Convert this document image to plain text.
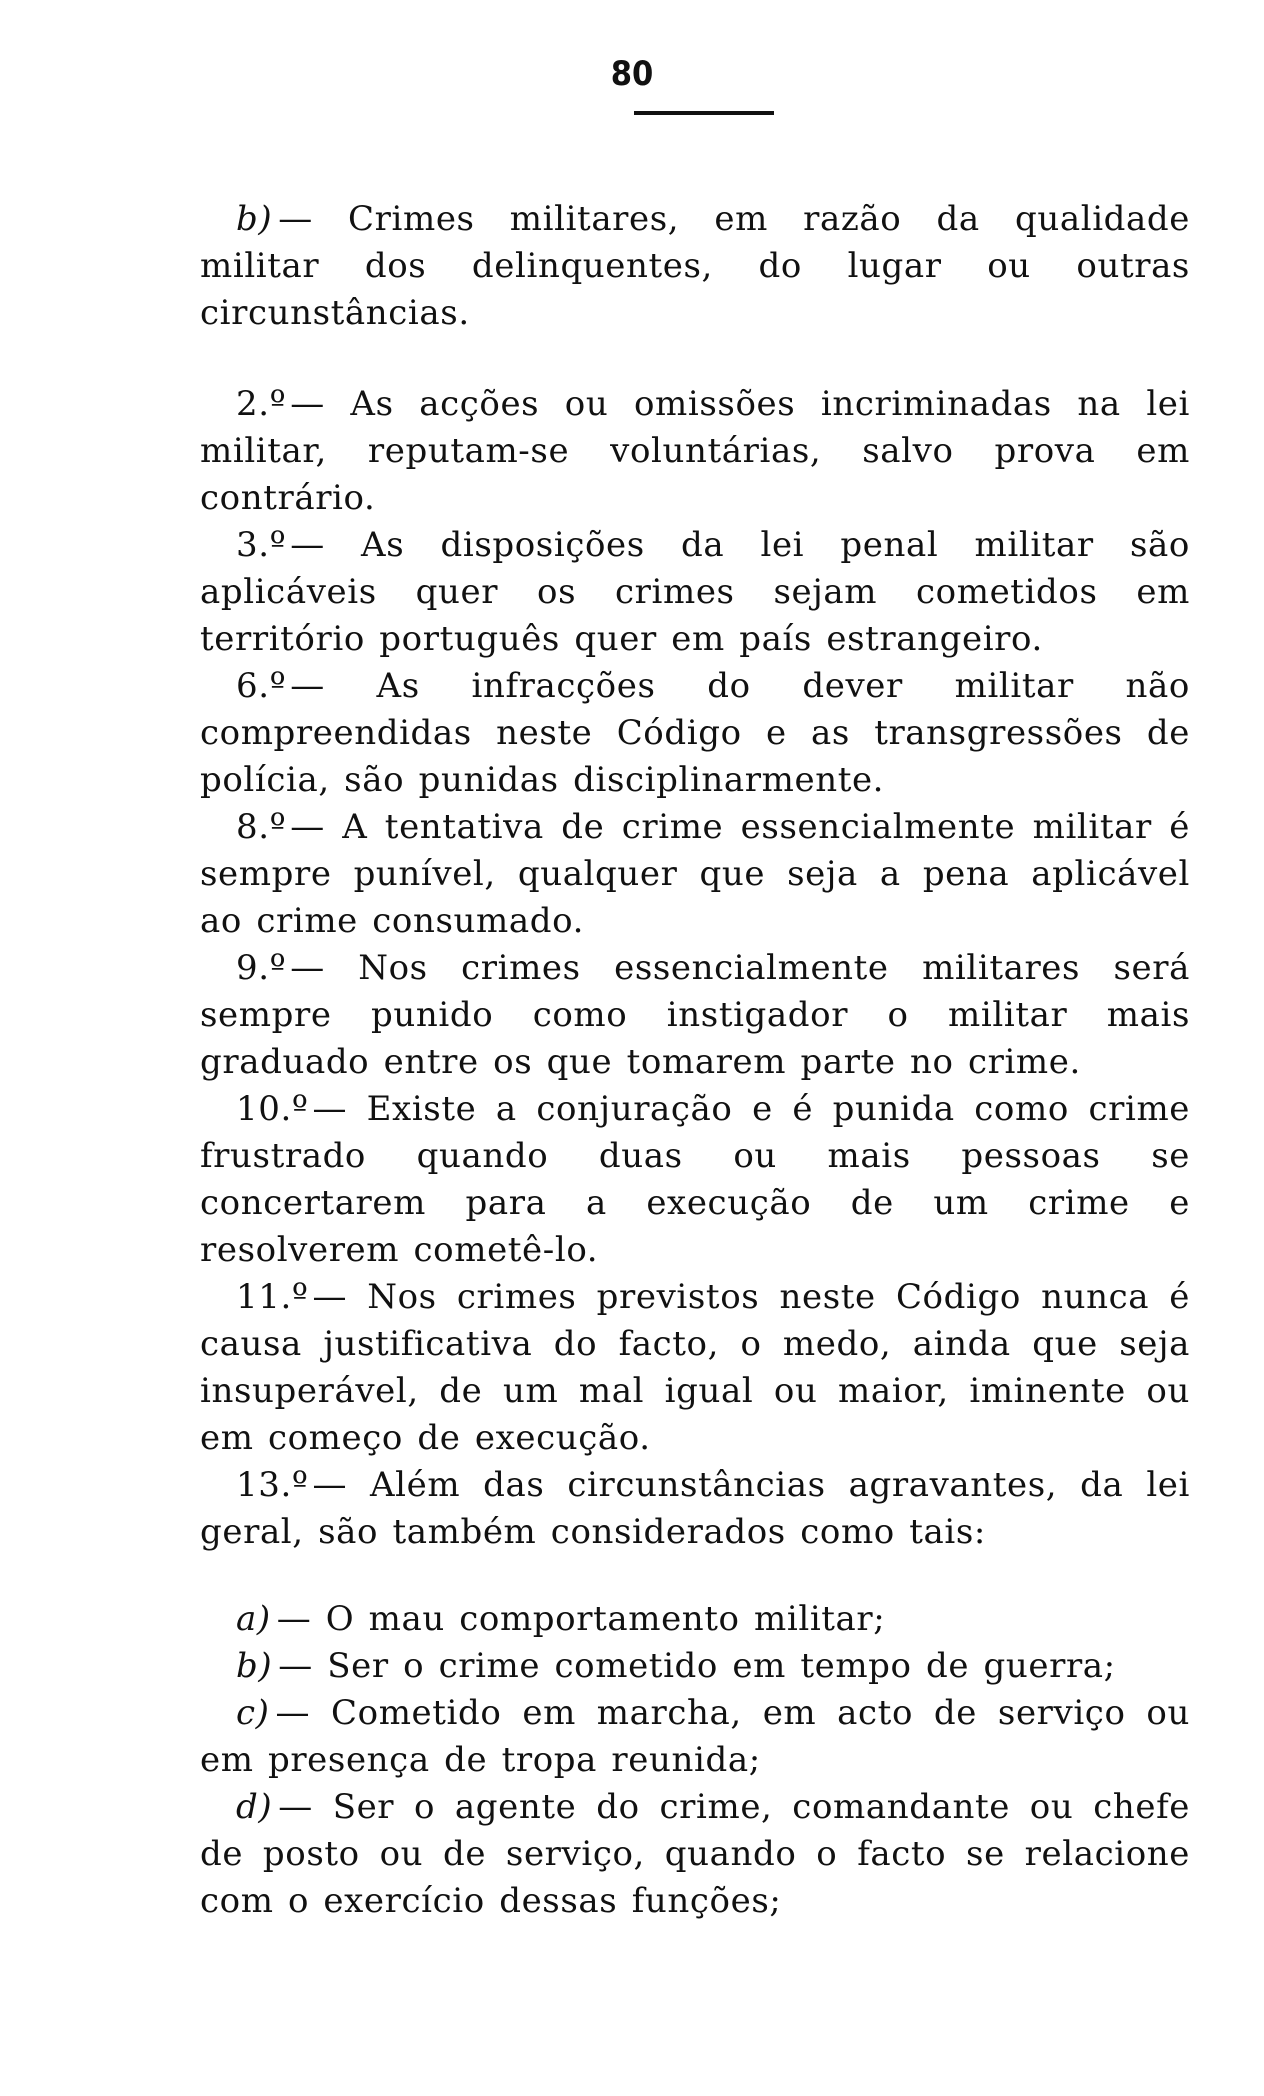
80

b) — Crimes militares, em razão da qualidade militar dos delinquentes, do lugar ou outras circunstâncias.

2.º — As acções ou omissões incriminadas na lei militar, reputam-se voluntárias, salvo prova em contrário.

3.º — As disposições da lei penal militar são aplicáveis quer os crimes sejam cometidos em território português quer em país estrangeiro.

6.º — As infracções do dever militar não compreendidas neste Código e as transgressões de polícia, são punidas disciplinarmente.

8.º — A tentativa de crime essencialmente militar é sempre punível, qualquer que seja a pena aplicável ao crime consumado.

9.º — Nos crimes essencialmente militares será sempre punido como instigador o militar mais graduado entre os que tomarem parte no crime.

10.º — Existe a conjuração e é punida como crime frustrado quando duas ou mais pessoas se concertarem para a execução de um crime e resolverem cometê-lo.

11.º — Nos crimes previstos neste Código nunca é causa justificativa do facto, o medo, ainda que seja insuperável, de um mal igual ou maior, iminente ou em começo de execução.

13.º — Além das circunstâncias agravantes, da lei geral, são também considerados como tais:

a) — O mau comportamento militar;

b) — Ser o crime cometido em tempo de guerra;

c) — Cometido em marcha, em acto de serviço ou em presença de tropa reunida;

d) — Ser o agente do crime, comandante ou chefe de posto ou de serviço, quando o facto se relacione com o exercício dessas funções;
